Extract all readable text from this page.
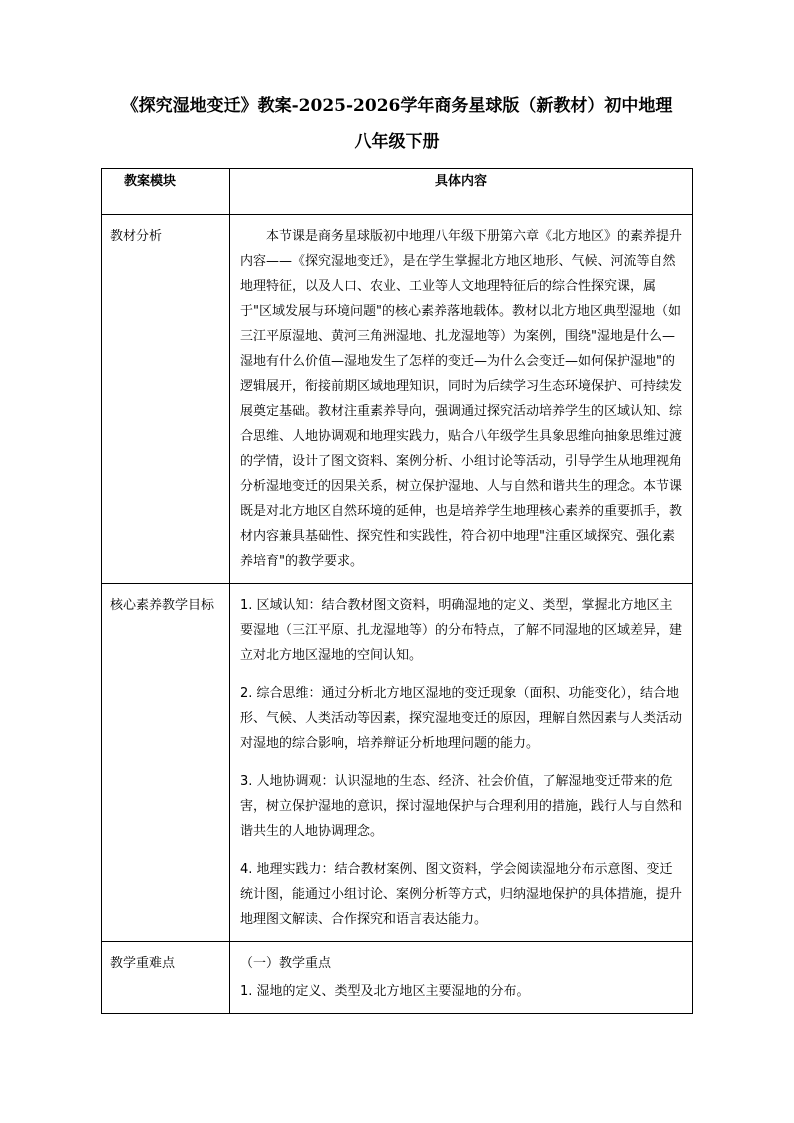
《探究湿地变迁》教案-2025-2026学年商务星球版（新教材）初中地理
八年级下册
教案模块	具体内容

教材分析	本节课是商务星球版初中地理八年级下册第六章《北方地区》的素养提升内容——《探究湿地变迁》，是在学生掌握北方地区地形、气候、河流等自然地理特征，以及人口、农业、工业等人文地理特征后的综合性探究课，属于"区域发展与环境问题"的核心素养落地载体。教材以北方地区典型湿地（如三江平原湿地、黄河三角洲湿地、扎龙湿地等）为案例，围绕"湿地是什么—湿地有什么价值—湿地发生了怎样的变迁—为什么会变迁—如何保护湿地"的逻辑展开，衔接前期区域地理知识，同时为后续学习生态环境保护、可持续发展奠定基础。教材注重素养导向，强调通过探究活动培养学生的区域认知、综合思维、人地协调观和地理实践力，贴合八年级学生具象思维向抽象思维过渡的学情，设计了图文资料、案例分析、小组讨论等活动，引导学生从地理视角分析湿地变迁的因果关系，树立保护湿地、人与自然和谐共生的理念。本节课既是对北方地区自然环境的延伸，也是培养学生地理核心素养的重要抓手，教材内容兼具基础性、探究性和实践性，符合初中地理"注重区域探究、强化素养培育"的教学要求。

核心素养教学目标	1. 区域认知：结合教材图文资料，明确湿地的定义、类型，掌握北方地区主要湿地（三江平原、扎龙湿地等）的分布特点，了解不同湿地的区域差异，建立对北方地区湿地的空间认知。
2. 综合思维：通过分析北方地区湿地的变迁现象（面积、功能变化），结合地形、气候、人类活动等因素，探究湿地变迁的原因，理解自然因素与人类活动对湿地的综合影响，培养辩证分析地理问题的能力。
3. 人地协调观：认识湿地的生态、经济、社会价值，了解湿地变迁带来的危害，树立保护湿地的意识，探讨湿地保护与合理利用的措施，践行人与自然和谐共生的人地协调理念。
4. 地理实践力：结合教材案例、图文资料，学会阅读湿地分布示意图、变迁统计图，能通过小组讨论、案例分析等方式，归纳湿地保护的具体措施，提升地理图文解读、合作探究和语言表达能力。

教学重难点	（一）教学重点
1. 湿地的定义、类型及北方地区主要湿地的分布。
